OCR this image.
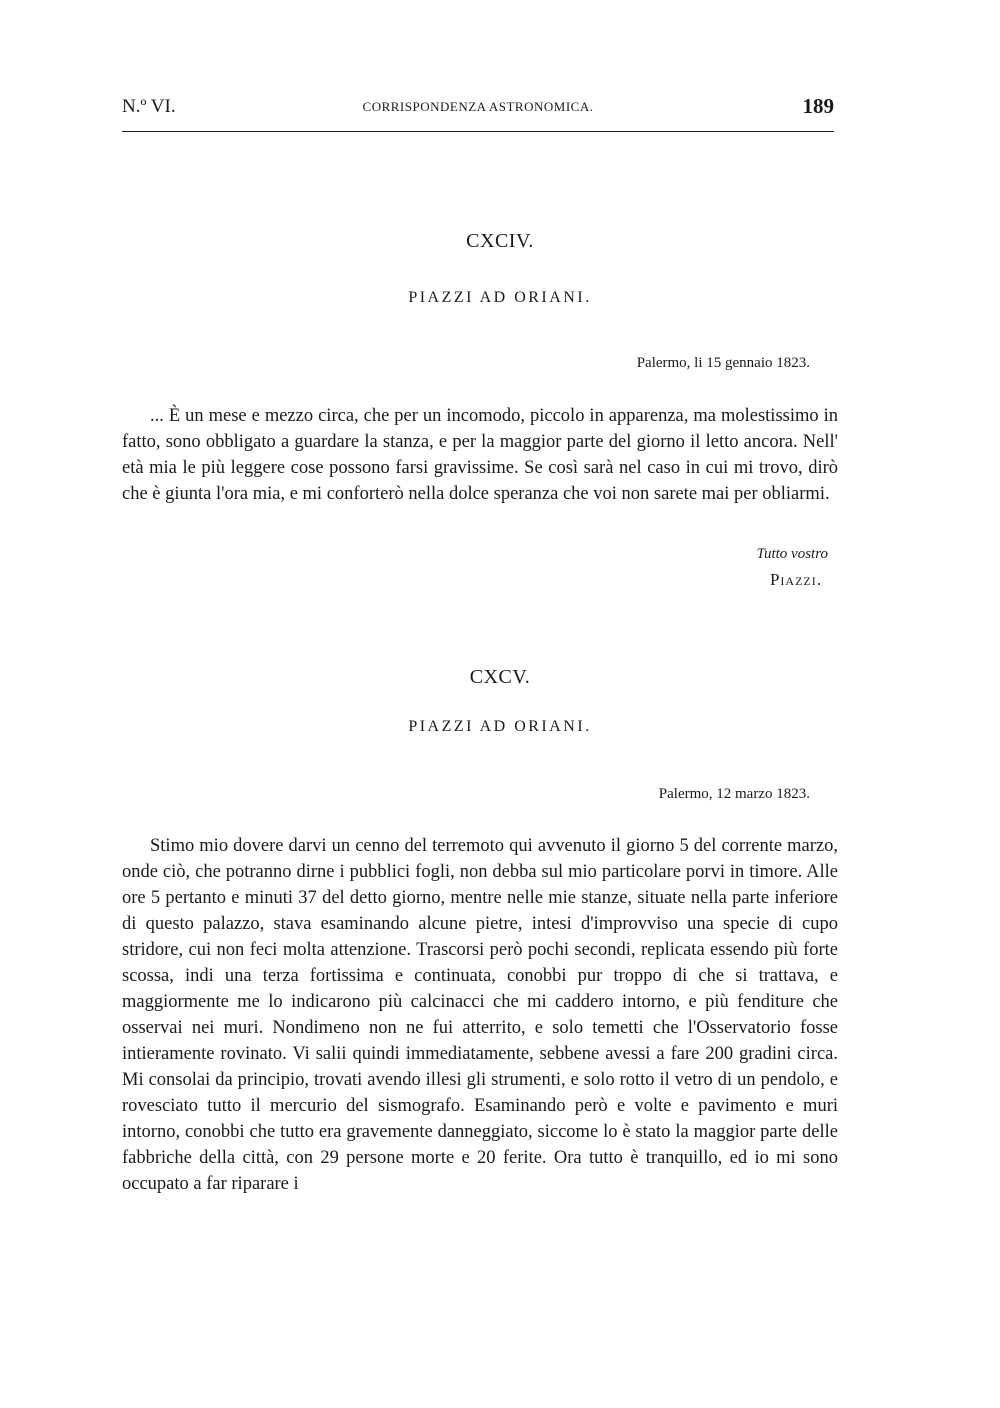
N.º VI.	CORRISPONDENZA ASTRONOMICA.	189
CXCIV.
PIAZZI AD ORIANI.
Palermo, li 15 gennaio 1823.

... È un mese e mezzo circa, che per un incomodo, piccolo in apparenza, ma molestissimo in fatto, sono obbligato a guardare la stanza, e per la maggior parte del giorno il letto ancora. Nell' età mia le più leggere cose possono farsi gravissime. Se così sarà nel caso in cui mi trovo, dirò che è giunta l'ora mia, e mi conforterò nella dolce speranza che voi non sarete mai per obliarmi.

Tutto vostro
Piazzi.
CXCV.
PIAZZI AD ORIANI.
Palermo, 12 marzo 1823.

Stimo mio dovere darvi un cenno del terremoto qui avvenuto il giorno 5 del corrente marzo, onde ciò, che potranno dirne i pubblici fogli, non debba sul mio particolare porvi in timore. Alle ore 5 pertanto e minuti 37 del detto giorno, mentre nelle mie stanze, situate nella parte inferiore di questo palazzo, stava esaminando alcune pietre, intesi d'improvviso una specie di cupo stridore, cui non feci molta attenzione. Trascorsi però pochi secondi, replicata essendo più forte scossa, indi una terza fortissima e continuata, conobbi pur troppo di che si trattava, e maggiormente me lo indicarono più calcinacci che mi caddero intorno, e più fenditure che osservai nei muri. Nondimeno non ne fui atterrito, e solo temetti che l'Osservatorio fosse intieramente rovinato. Vi salii quindi immediatamente, sebbene avessi a fare 200 gradini circa. Mi consolai da principio, trovati avendo illesi gli strumenti, e solo rotto il vetro di un pendolo, e rovesciato tutto il mercurio del sismografo. Esaminando però e volte e pavimento e muri intorno, conobbi che tutto era gravemente danneggiato, siccome lo è stato la maggior parte delle fabbriche della città, con 29 persone morte e 20 ferite. Ora tutto è tranquillo, ed io mi sono occupato a far riparare i
